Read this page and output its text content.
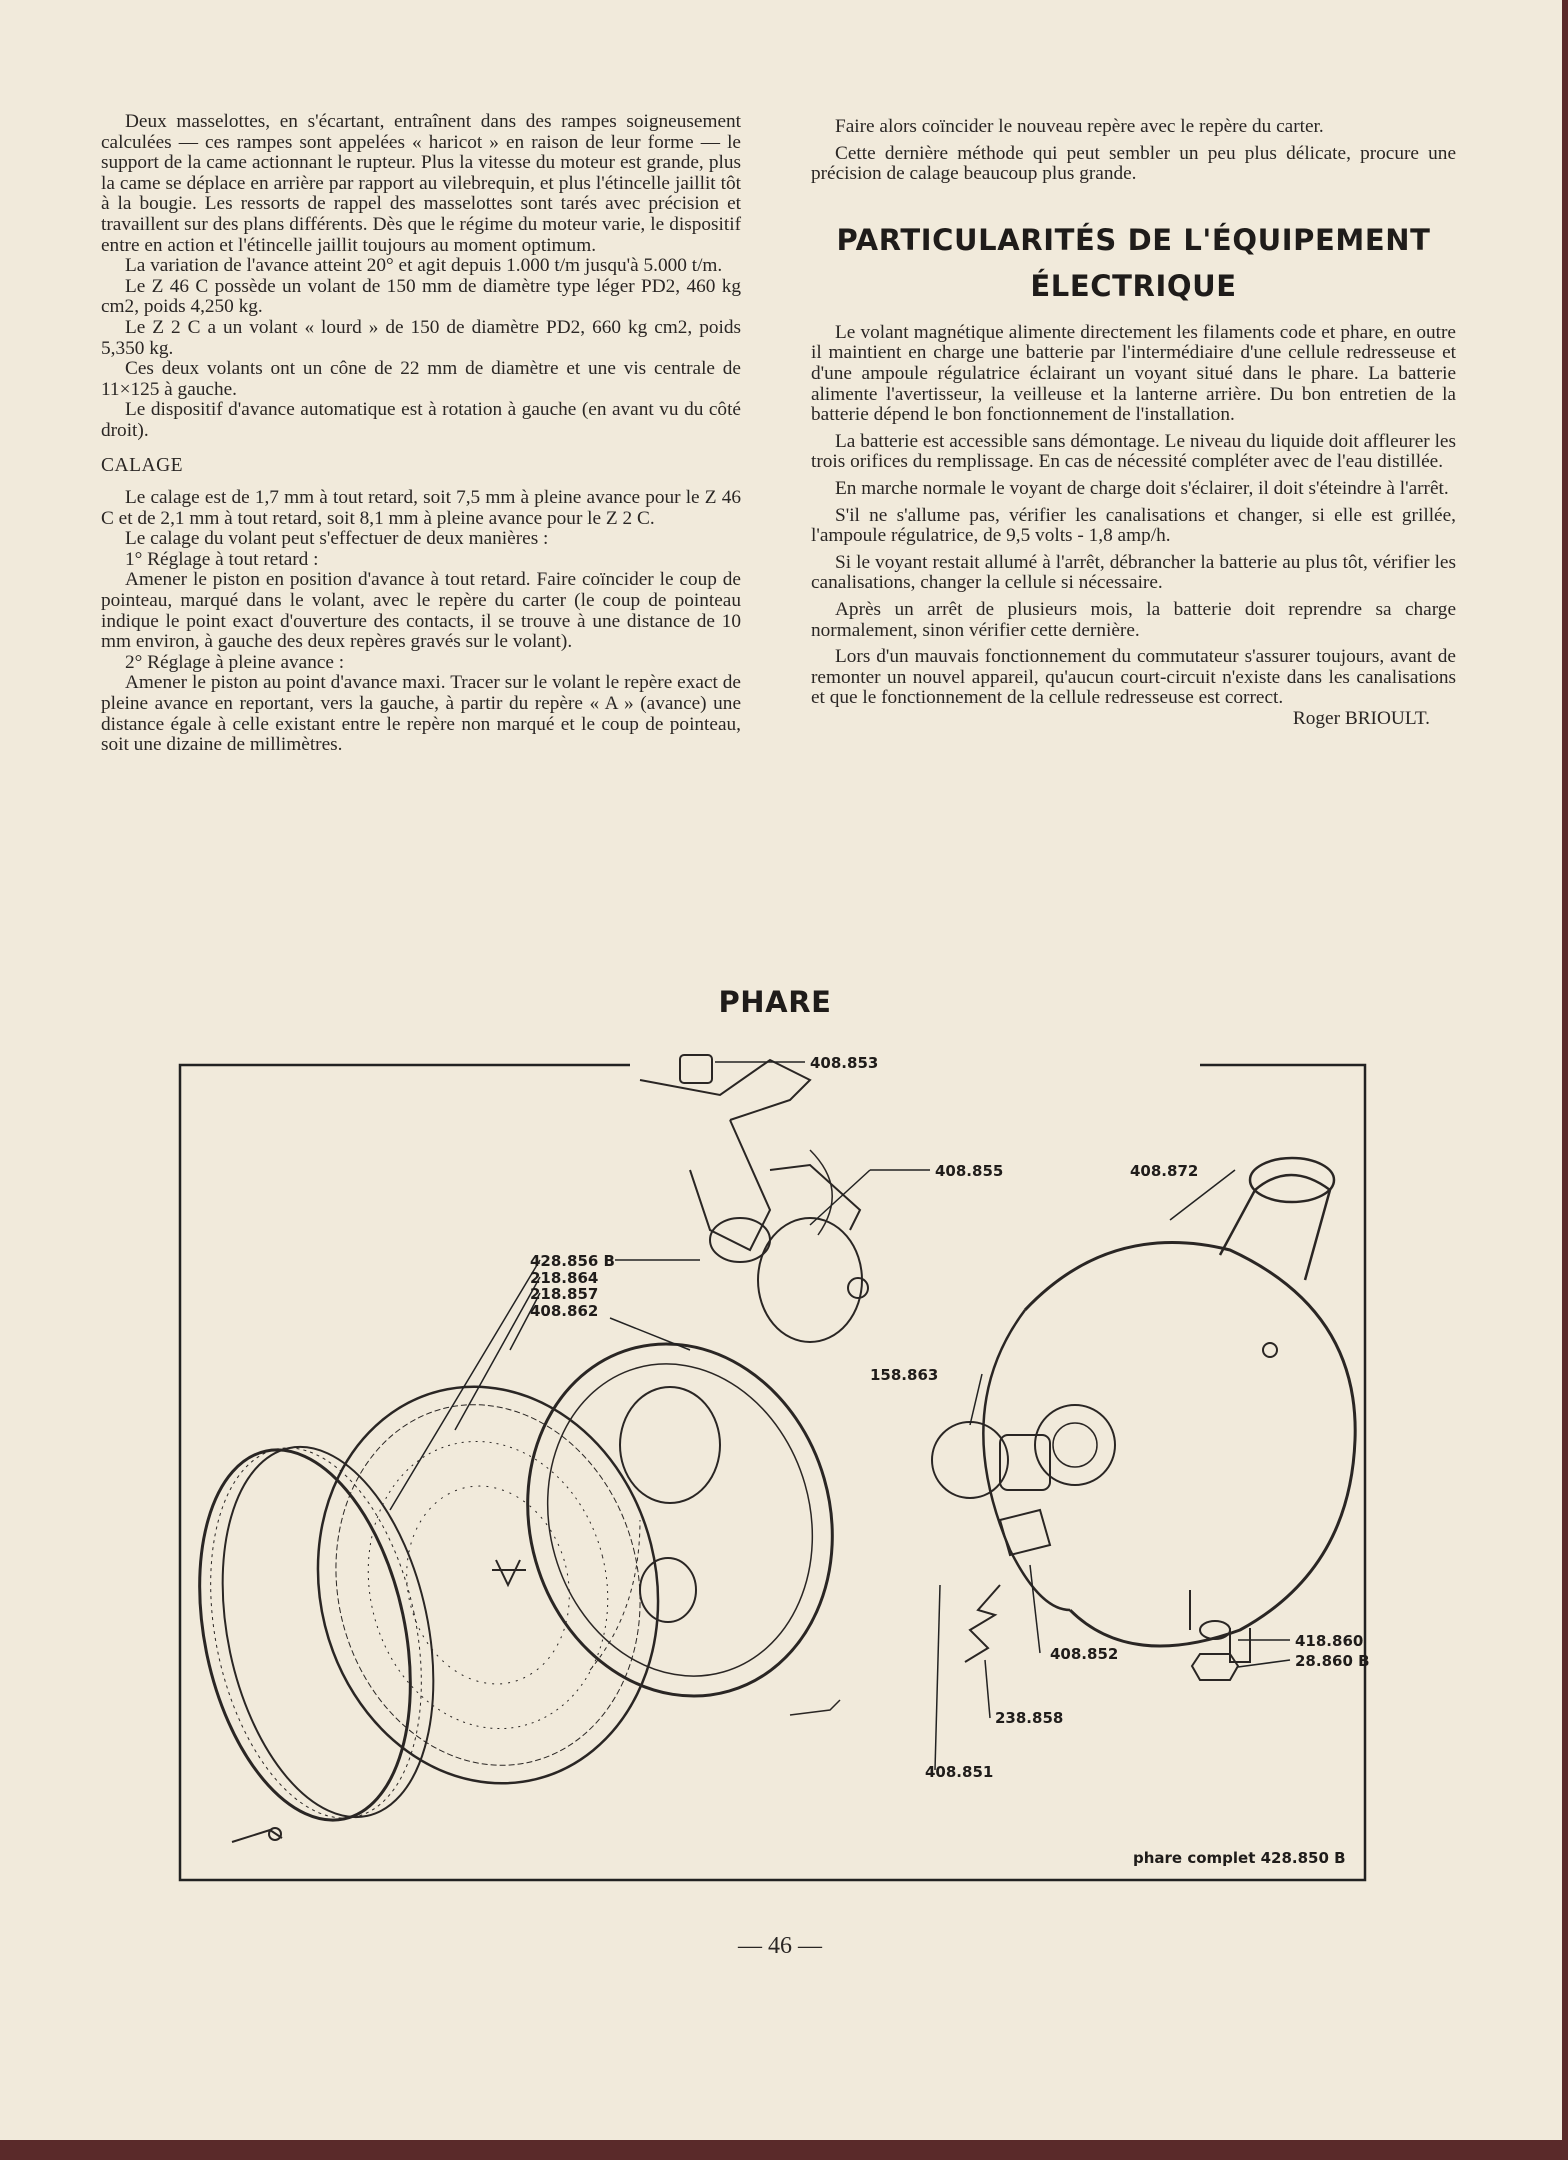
Deux masselottes, en s'écartant, entraînent dans des rampes soigneusement calculées — ces rampes sont appelées « haricot » en raison de leur forme — le support de la came actionnant le rupteur. Plus la vitesse du moteur est grande, plus la came se déplace en arrière par rapport au vilebrequin, et plus l'étincelle jaillit tôt à la bougie. Les ressorts de rappel des masselottes sont tarés avec précision et travaillent sur des plans différents. Dès que le régime du moteur varie, le dispositif entre en action et l'étincelle jaillit toujours au moment optimum.

La variation de l'avance atteint 20° et agit depuis 1.000 t/m jusqu'à 5.000 t/m.

Le Z 46 C possède un volant de 150 mm de diamètre type léger PD2, 460 kg cm2, poids 4,250 kg.

Le Z 2 C a un volant « lourd » de 150 de diamètre PD2, 660 kg cm2, poids 5,350 kg.

Ces deux volants ont un cône de 22 mm de diamètre et une vis centrale de 11×125 à gauche.

Le dispositif d'avance automatique est à rotation à gauche (en avant vu du côté droit).

CALAGE

Le calage est de 1,7 mm à tout retard, soit 7,5 mm à pleine avance pour le Z 46 C et de 2,1 mm à tout retard, soit 8,1 mm à pleine avance pour le Z 2 C.

Le calage du volant peut s'effectuer de deux manières :

1° Réglage à tout retard :

Amener le piston en position d'avance à tout retard. Faire coïncider le coup de pointeau, marqué dans le volant, avec le repère du carter (le coup de pointeau indique le point exact d'ouverture des contacts, il se trouve à une distance de 10 mm environ, à gauche des deux repères gravés sur le volant).

2° Réglage à pleine avance :

Amener le piston au point d'avance maxi. Tracer sur le volant le repère exact de pleine avance en reportant, vers la gauche, à partir du repère « A » (avance) une distance égale à celle existant entre le repère non marqué et le coup de pointeau, soit une dizaine de millimètres.

Faire alors coïncider le nouveau repère avec le repère du carter.

Cette dernière méthode qui peut sembler un peu plus délicate, procure une précision de calage beaucoup plus grande.

PARTICULARITÉS DE L'ÉQUIPEMENT
ÉLECTRIQUE

Le volant magnétique alimente directement les filaments code et phare, en outre il maintient en charge une batterie par l'intermédiaire d'une cellule redresseuse et d'une ampoule régulatrice éclairant un voyant situé dans le phare. La batterie alimente l'avertisseur, la veilleuse et la lanterne arrière. Du bon entretien de la batterie dépend le bon fonctionnement de l'installation.

La batterie est accessible sans démontage. Le niveau du liquide doit affleurer les trois orifices du remplissage. En cas de nécessité compléter avec de l'eau distillée.

En marche normale le voyant de charge doit s'éclairer, il doit s'éteindre à l'arrêt.

S'il ne s'allume pas, vérifier les canalisations et changer, si elle est grillée, l'ampoule régulatrice, de 9,5 volts - 1,8 amp/h.

Si le voyant restait allumé à l'arrêt, débrancher la batterie au plus tôt, vérifier les canalisations, changer la cellule si nécessaire.

Après un arrêt de plusieurs mois, la batterie doit reprendre sa charge normalement, sinon vérifier cette dernière.

Lors d'un mauvais fonctionnement du commutateur s'assurer toujours, avant de remonter un nouvel appareil, qu'aucun court-circuit n'existe dans les canalisations et que le fonctionnement de la cellule redresseuse est correct.

Roger BRIOULT.

PHARE
408.853
408.855	408.872
428.856 B
218.864
218.857
408.862
158.863
408.852
418.860
28.860 B
238.858
408.851
phare complet 428.850 B
— 46 —
